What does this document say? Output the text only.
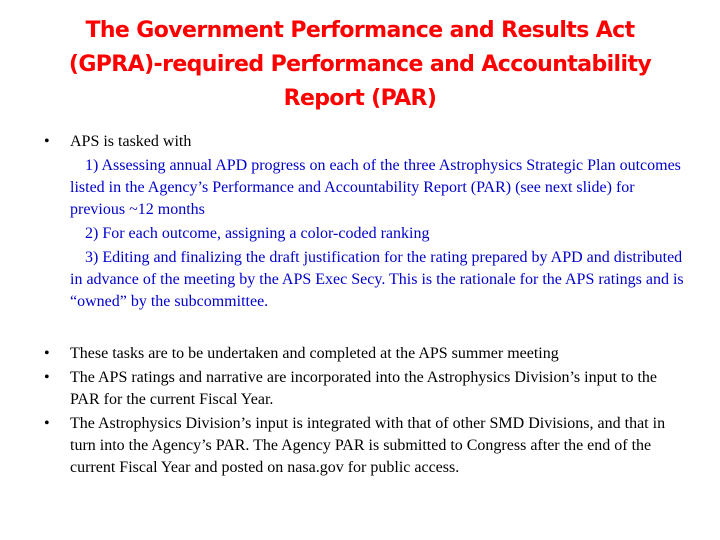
The Government Performance and Results Act
(GPRA)-required Performance and Accountability
Report (PAR)
• APS is tasked with
1) Assessing annual APD progress on each of the three Astrophysics Strategic Plan outcomes listed in the Agency’s Performance and Accountability Report (PAR) (see next slide) for previous ~12 months
2) For each outcome, assigning a color-coded ranking
3) Editing and finalizing the draft justification for the rating prepared by APD and distributed in advance of the meeting by the APS Exec Secy. This is the rationale for the APS ratings and is “owned” by the subcommittee.
• These tasks are to be undertaken and completed at the APS summer meeting
• The APS ratings and narrative are incorporated into the Astrophysics Division’s input to the PAR for the current Fiscal Year.
• The Astrophysics Division’s input is integrated with that of other SMD Divisions, and that in turn into the Agency’s PAR. The Agency PAR is submitted to Congress after the end of the current Fiscal Year and posted on nasa.gov for public access.
